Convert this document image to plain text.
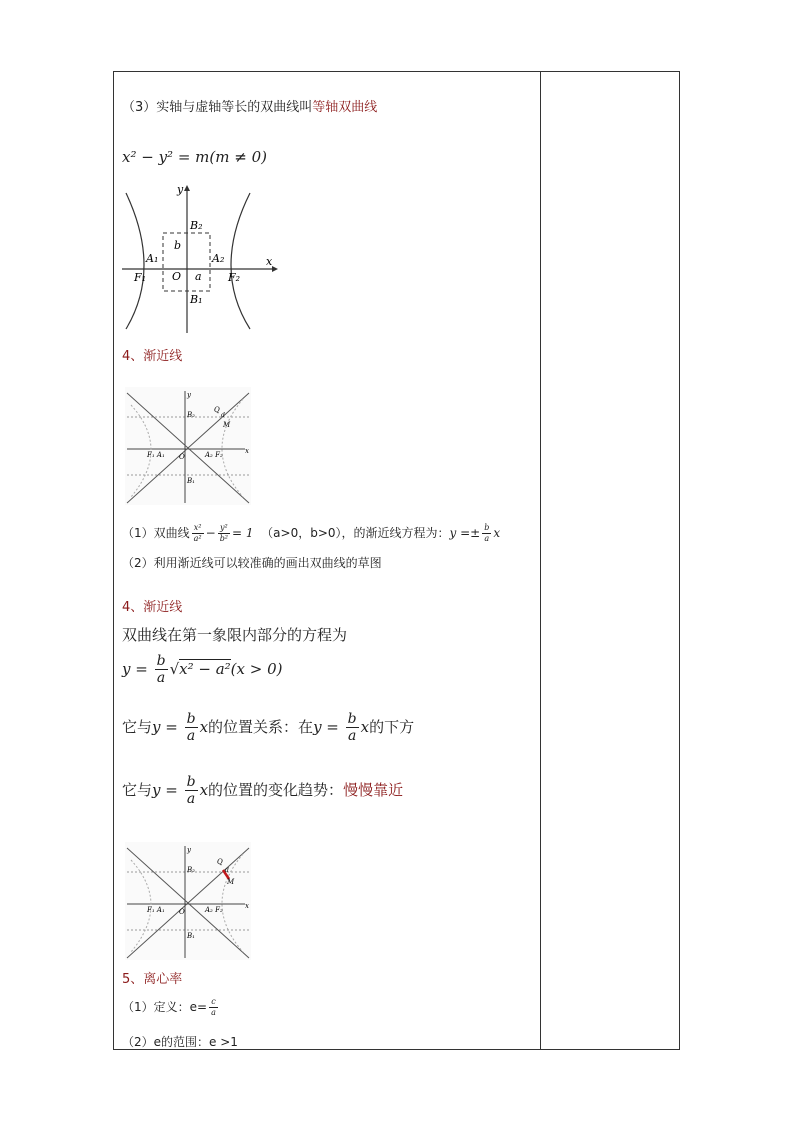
（3）实轴与虚轴等长的双曲线叫等轴双曲线
x² − y² = m(m ≠ 0)
y
x
B₂
b
A₁	A₂
O a
F₁	F₂
B₁
4、渐近线
y
x
B₂
Q
d
M
F₁ A₁ O	A₂ F₂
B₁
（1）双曲线 $\frac{\text{x²}}{\text{a²}} - \frac{\text{y²}}{\text{b²}} = 1$ （a>0，b>0），的渐近线方程为：$y =\pm \frac{b}{a}$ x
（2）利用渐近线可以较准确的画出双曲线的草图
4、渐近线
双曲线在第一象限内部分的方程为
$y = \frac{b}{a} √x^2 - a^2(x > 0)$
它与$y = \frac{b}{a}$ x的位置关系：在$y = \frac{b}{a}$ x的下方
它与$y = \frac{b}{a}$ x的位置的变化趋势：慢慢靠近
y
x
B₂
Q
d
M
F₁ A₁ O	A₂ F₂
B₁
5、离心率
（1）定义：$e= \frac{c}{a}$
（2）e的范围：e >1
